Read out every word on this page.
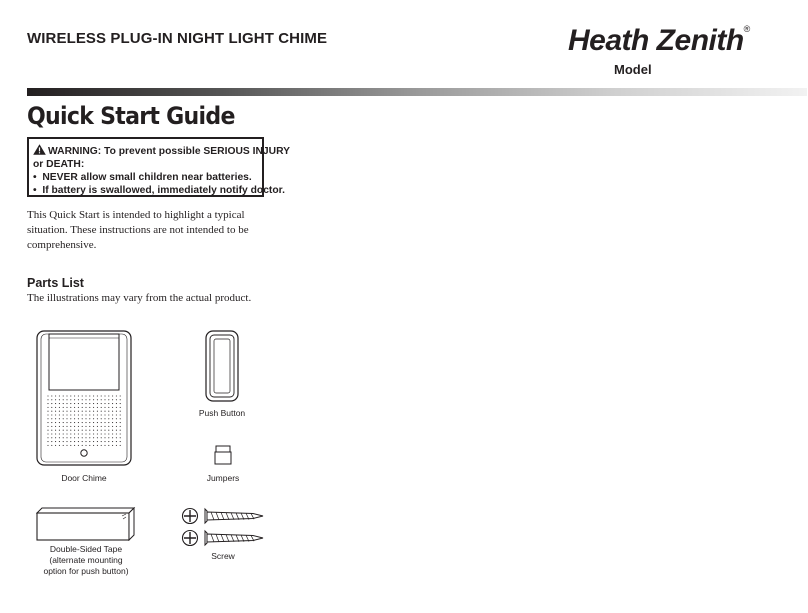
WIRELESS PLUG-IN NIGHT LIGHT CHIME	Heath Zenith®
Model
Quick Start Guide
WARNING: To prevent possible SERIOUS INJURY
or DEATH:
•  NEVER allow small children near batteries.
•  If battery is swallowed, immediately notify doctor.
This Quick Start is intended to highlight a typical situation. These instructions are not intended to be comprehensive.
Parts List
The illustrations may vary from the actual product.
Door Chime
Push Button
Jumpers
Double-Sided Tape
(alternate mounting
option for push button)
Screw
